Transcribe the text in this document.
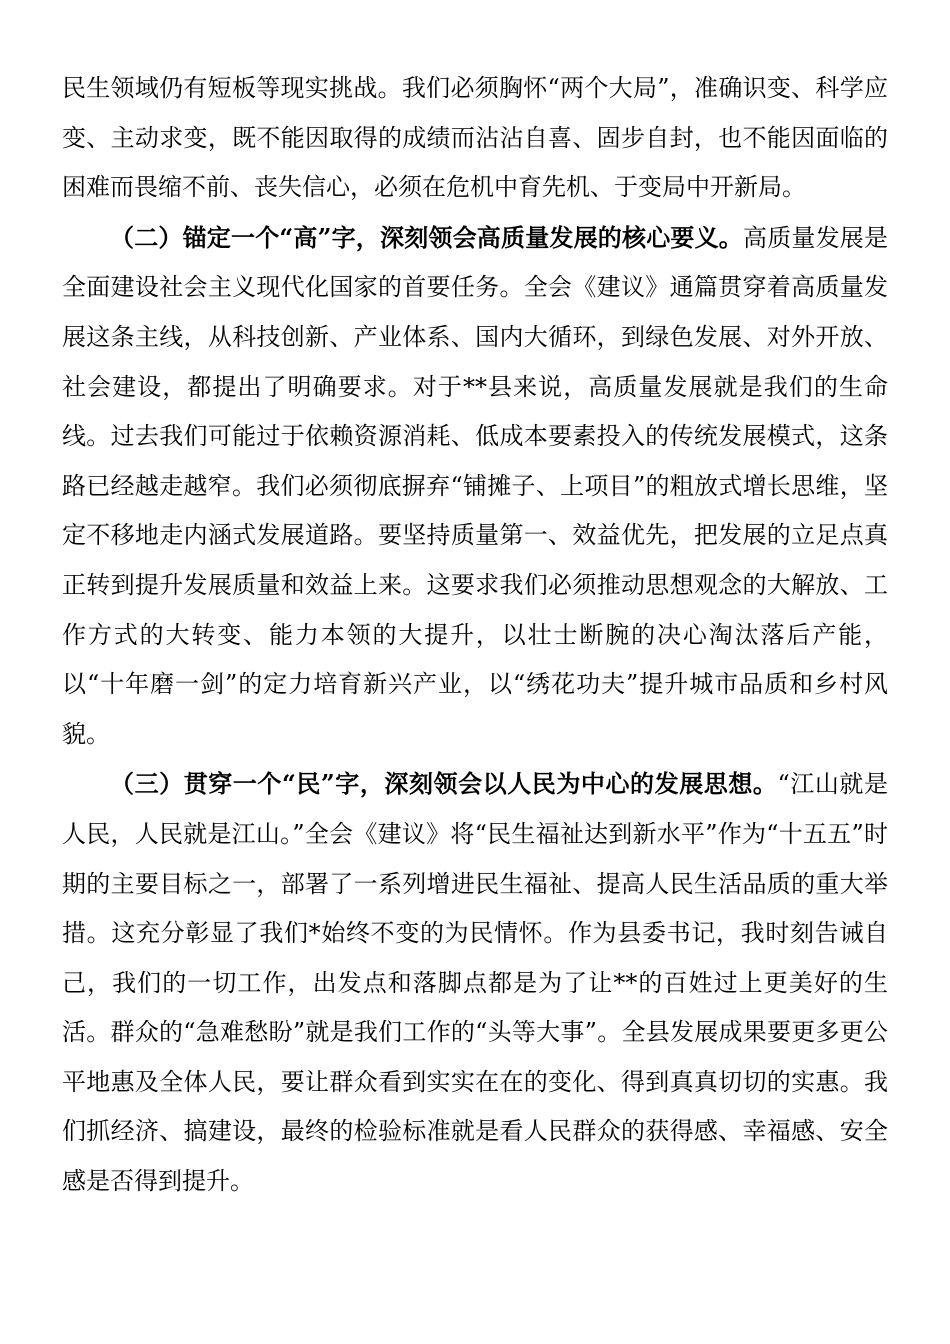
民生领域仍有短板等现实挑战。我们必须胸怀“两个大局”，准确识变、科学应变、主动求变，既不能因取得的成绩而沾沾自喜、固步自封，也不能因面临的困难而畏缩不前、丧失信心，必须在危机中育先机、于变局中开新局。

（二）锚定一个“高”字，深刻领会高质量发展的核心要义。高质量发展是全面建设社会主义现代化国家的首要任务。全会《建议》通篇贯穿着高质量发展这条主线，从科技创新、产业体系、国内大循环，到绿色发展、对外开放、社会建设，都提出了明确要求。对于**县来说，高质量发展就是我们的生命线。过去我们可能过于依赖资源消耗、低成本要素投入的传统发展模式，这条路已经越走越窄。我们必须彻底摒弃“铺摊子、上项目”的粗放式增长思维，坚定不移地走内涵式发展道路。要坚持质量第一、效益优先，把发展的立足点真正转到提升发展质量和效益上来。这要求我们必须推动思想观念的大解放、工作方式的大转变、能力本领的大提升，以壮士断腕的决心淘汰落后产能，以“十年磨一剑”的定力培育新兴产业，以“绣花功夫”提升城市品质和乡村风貌。

（三）贯穿一个“民”字，深刻领会以人民为中心的发展思想。“江山就是人民，人民就是江山。”全会《建议》将“民生福祉达到新水平”作为“十五五”时期的主要目标之一，部署了一系列增进民生福祉、提高人民生活品质的重大举措。这充分彰显了我们*始终不变的为民情怀。作为县委书记，我时刻告诫自己，我们的一切工作，出发点和落脚点都是为了让**的百姓过上更美好的生活。群众的“急难愁盼”就是我们工作的“头等大事”。全县发展成果要更多更公平地惠及全体人民，要让群众看到实实在在的变化、得到真真切切的实惠。我们抓经济、搞建设，最终的检验标准就是看人民群众的获得感、幸福感、安全感是否得到提升。
